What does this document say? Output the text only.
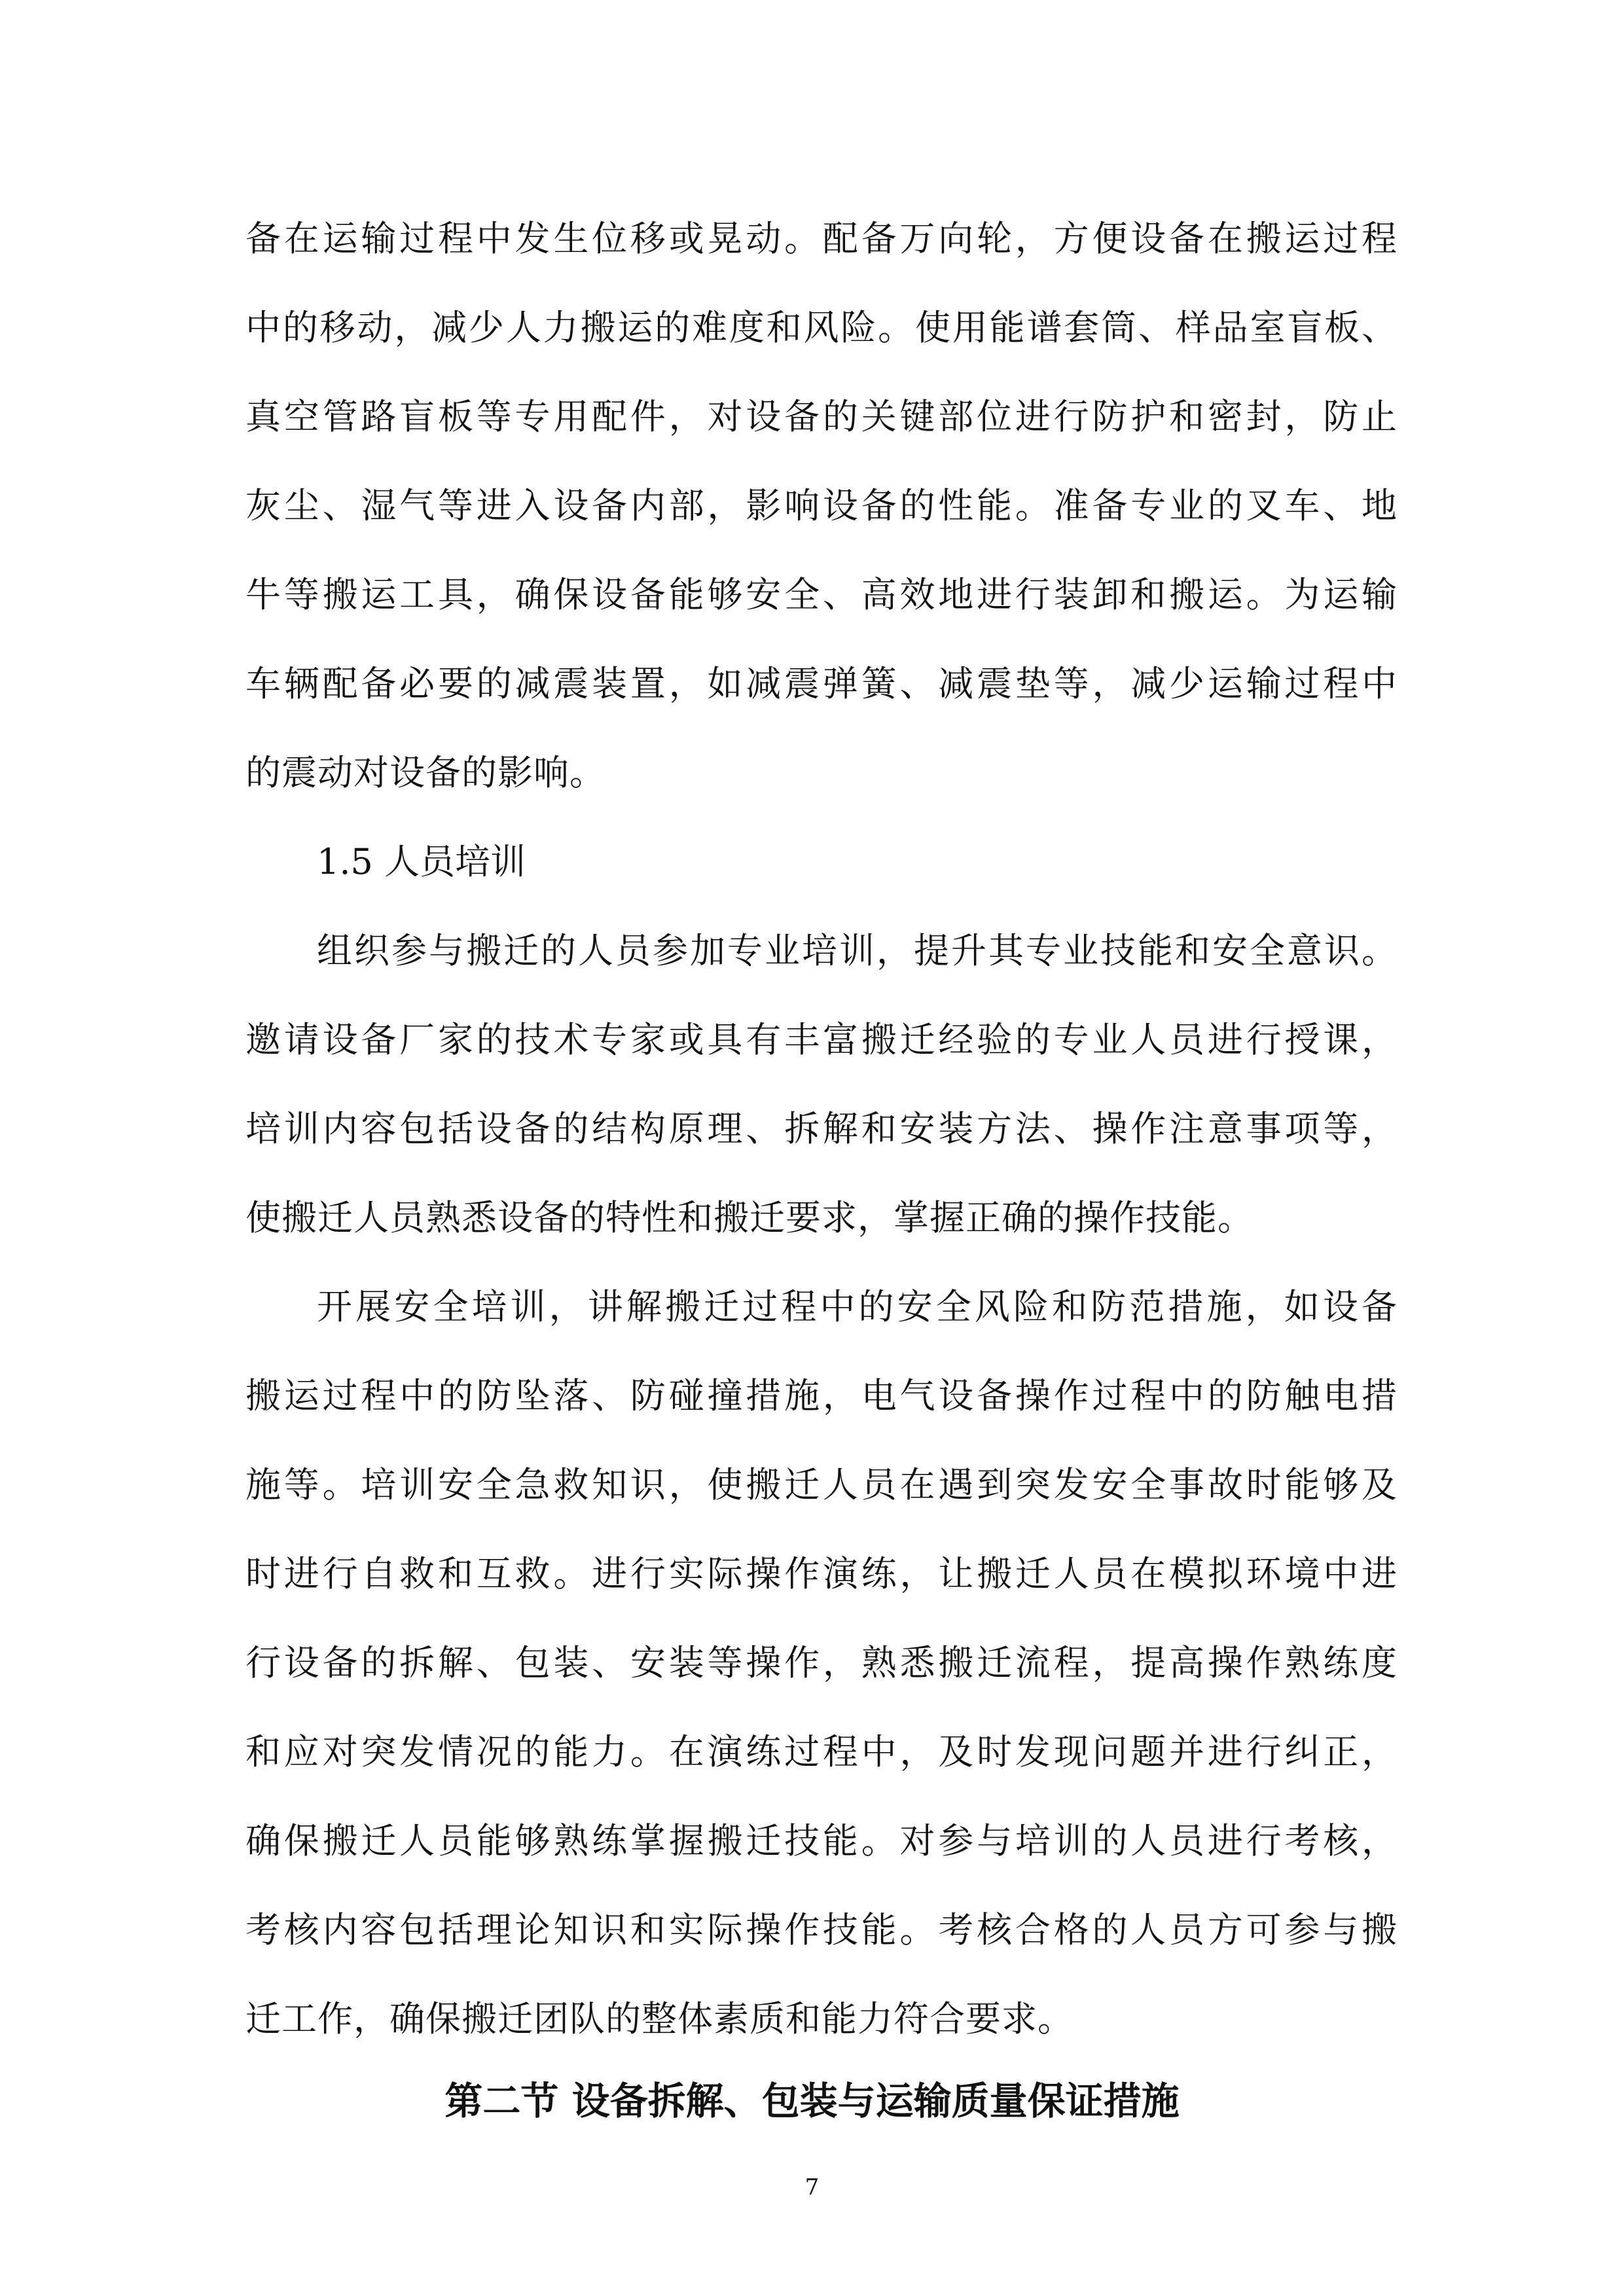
备在运输过程中发生位移或晃动。配备万向轮，方便设备在搬运过程
中的移动，减少人力搬运的难度和风险。使用能谱套筒、样品室盲板、
真空管路盲板等专用配件，对设备的关键部位进行防护和密封，防止
灰尘、湿气等进入设备内部，影响设备的性能。准备专业的叉车、地
牛等搬运工具，确保设备能够安全、高效地进行装卸和搬运。为运输
车辆配备必要的减震装置，如减震弹簧、减震垫等，减少运输过程中
的震动对设备的影响。
1.5 人员培训
组织参与搬迁的人员参加专业培训，提升其专业技能和安全意识。
邀请设备厂家的技术专家或具有丰富搬迁经验的专业人员进行授课，
培训内容包括设备的结构原理、拆解和安装方法、操作注意事项等，
使搬迁人员熟悉设备的特性和搬迁要求，掌握正确的操作技能。
开展安全培训，讲解搬迁过程中的安全风险和防范措施，如设备
搬运过程中的防坠落、防碰撞措施，电气设备操作过程中的防触电措
施等。培训安全急救知识，使搬迁人员在遇到突发安全事故时能够及
时进行自救和互救。进行实际操作演练，让搬迁人员在模拟环境中进
行设备的拆解、包装、安装等操作，熟悉搬迁流程，提高操作熟练度
和应对突发情况的能力。在演练过程中，及时发现问题并进行纠正，
确保搬迁人员能够熟练掌握搬迁技能。对参与培训的人员进行考核，
考核内容包括理论知识和实际操作技能。考核合格的人员方可参与搬
迁工作，确保搬迁团队的整体素质和能力符合要求。
第二节 设备拆解、包装与运输质量保证措施
7
